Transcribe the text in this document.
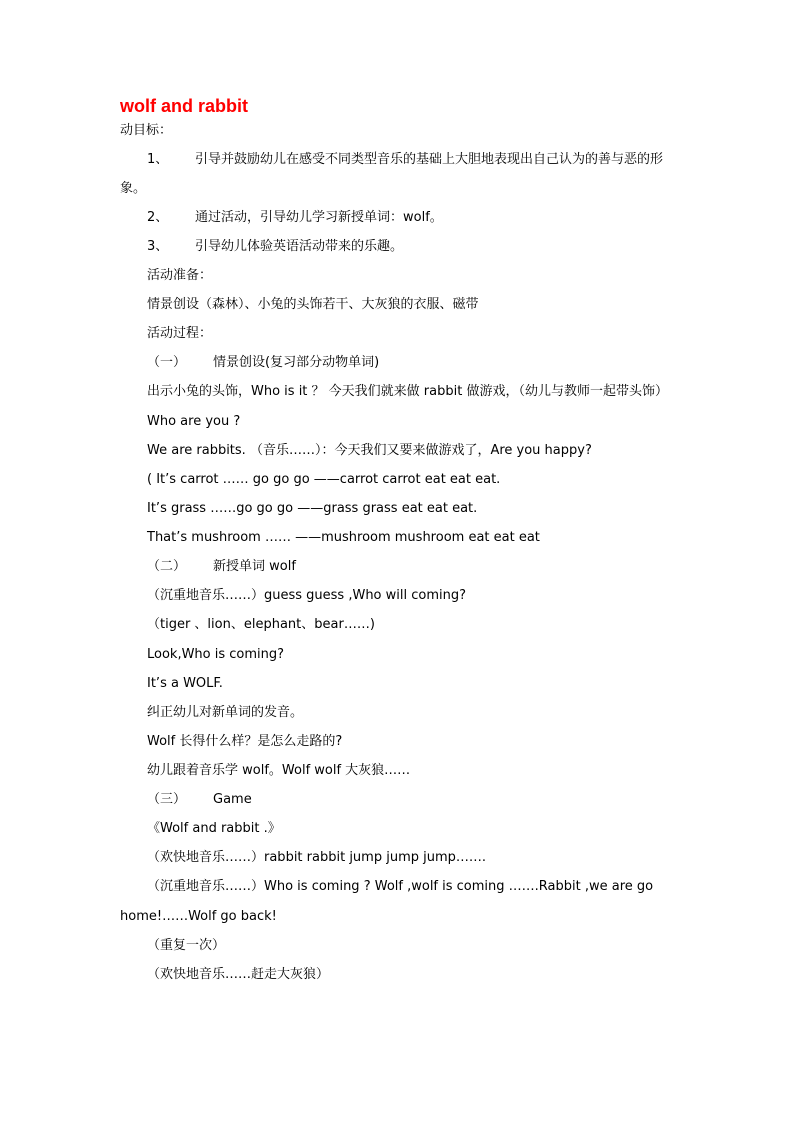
wolf and rabbit
动目标：
1、 引导并鼓励幼儿在感受不同类型音乐的基础上大胆地表现出自己认为的善与恶的形
象。
2、 通过活动，引导幼儿学习新授单词：wolf。
3、 引导幼儿体验英语活动带来的乐趣。
活动准备：
情景创设（森林）、小兔的头饰若干、大灰狼的衣服、磁带
活动过程：
（一） 情景创设(复习部分动物单词)
出示小兔的头饰，Who is it ？ 今天我们就来做 rabbit 做游戏，（幼儿与教师一起带头饰）
Who are you ?
We are rabbits. （音乐……）：今天我们又要来做游戏了，Are you happy?
( It’s carrot …… go go go ——carrot carrot eat eat eat.
It’s grass ……go go go ——grass grass eat eat eat.
That’s mushroom …… ——mushroom mushroom eat eat eat
（二） 新授单词 wolf
（沉重地音乐……）guess guess ,Who will coming?
（tiger 、lion、elephant、bear……)
Look,Who is coming?
It’s a WOLF.
纠正幼儿对新单词的发音。
Wolf 长得什么样？是怎么走路的?
幼儿跟着音乐学 wolf。Wolf wolf 大灰狼……
（三） Game
《Wolf and rabbit .》
（欢快地音乐……）rabbit rabbit jump jump jump…….
（沉重地音乐……）Who is coming ? Wolf ,wolf is coming …….Rabbit ,we are go
home!……Wolf go back!
（重复一次）
（欢快地音乐……赶走大灰狼）
